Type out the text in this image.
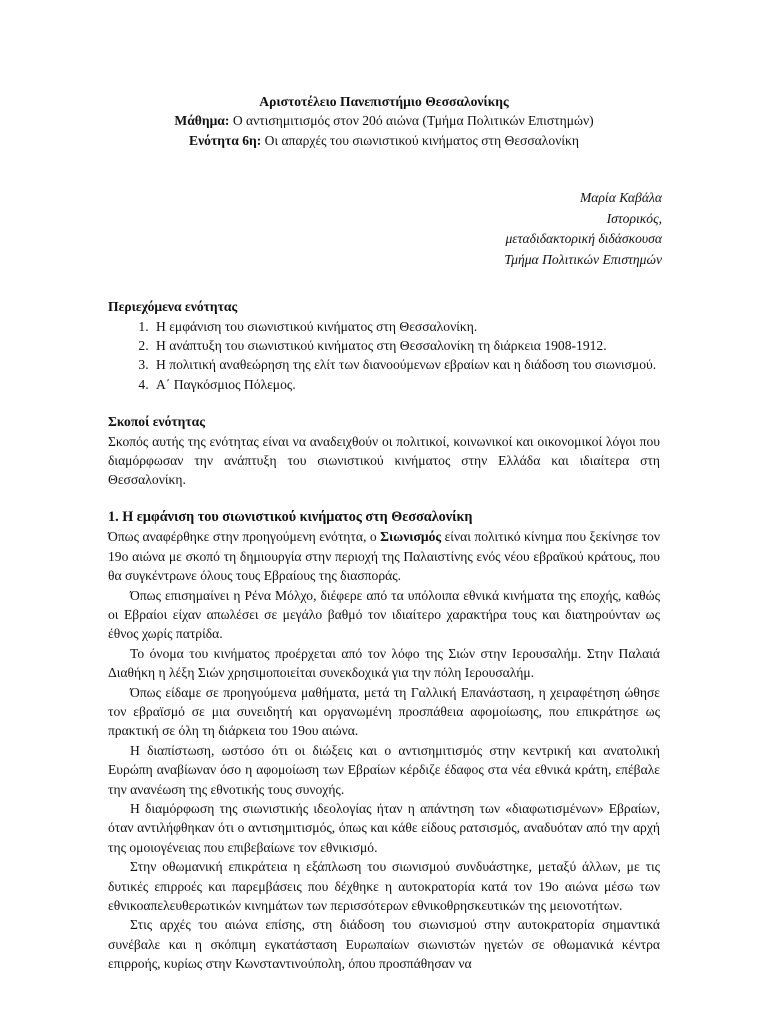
Αριστοτέλειο Πανεπιστήμιο Θεσσαλονίκης
Μάθημα: Ο αντισημιτισμός στον 20ό αιώνα (Τμήμα Πολιτικών Επιστημών)
Ενότητα 6η: Οι απαρχές του σιωνιστικού κινήματος στη Θεσσαλονίκη
Μαρία Καβάλα
Ιστορικός,
μεταδιδακτορική διδάσκουσα
Τμήμα Πολιτικών Επιστημών
Περιεχόμενα ενότητας
1. Η εμφάνιση του σιωνιστικού κινήματος στη Θεσσαλονίκη.
2. Η ανάπτυξη του σιωνιστικού κινήματος στη Θεσσαλονίκη τη διάρκεια 1908-1912.
3. Η πολιτική αναθεώρηση της ελίτ των διανοούμενων εβραίων και η διάδοση του σιωνισμού.
4. Α΄ Παγκόσμιος Πόλεμος.
Σκοποί ενότητας

Σκοπός αυτής της ενότητας είναι να αναδειχθούν οι πολιτικοί, κοινωνικοί και οικονομικοί λόγοι που διαμόρφωσαν την ανάπτυξη του σιωνιστικού κινήματος στην Ελλάδα και ιδιαίτερα στη Θεσσαλονίκη.

1. Η εμφάνιση του σιωνιστικού κινήματος στη Θεσσαλονίκη

Όπως αναφέρθηκε στην προηγούμενη ενότητα, ο Σιωνισμός είναι πολιτικό κίνημα που ξεκίνησε τον 19ο αιώνα με σκοπό τη δημιουργία στην περιοχή της Παλαιστίνης ενός νέου εβραϊκού κράτους, που θα συγκέντρωνε όλους τους Εβραίους της διασποράς.

Όπως επισημαίνει η Ρένα Μόλχο, διέφερε από τα υπόλοιπα εθνικά κινήματα της εποχής, καθώς οι Εβραίοι είχαν απωλέσει σε μεγάλο βαθμό τον ιδιαίτερο χαρακτήρα τους και διατηρούνταν ως έθνος χωρίς πατρίδα.

Το όνομα του κινήματος προέρχεται από τον λόφο της Σιών στην Ιερουσαλήμ. Στην Παλαιά Διαθήκη η λέξη Σιών χρησιμοποιείται συνεκδοχικά για την πόλη Ιερουσαλήμ.

Όπως είδαμε σε προηγούμενα μαθήματα, μετά τη Γαλλική Επανάσταση, η χειραφέτηση ώθησε τον εβραϊσμό σε μια συνειδητή και οργανωμένη προσπάθεια αφομοίωσης, που επικράτησε ως πρακτική σε όλη τη διάρκεια του 19ου αιώνα.

Η διαπίστωση, ωστόσο ότι οι διώξεις και ο αντισημιτισμός στην κεντρική και ανατολική Ευρώπη αναβίωναν όσο η αφομοίωση των Εβραίων κέρδιζε έδαφος στα νέα εθνικά κράτη, επέβαλε την ανανέωση της εθνοτικής τους συνοχής.

Η διαμόρφωση της σιωνιστικής ιδεολογίας ήταν η απάντηση των «διαφωτισμένων» Εβραίων, όταν αντιλήφθηκαν ότι ο αντισημιτισμός, όπως και κάθε είδους ρατσισμός, αναδυόταν από την αρχή της ομοιογένειας που επιβεβαίωνε τον εθνικισμό.

Στην οθωμανική επικράτεια η εξάπλωση του σιωνισμού συνδυάστηκε, μεταξύ άλλων, με τις δυτικές επιρροές και παρεμβάσεις που δέχθηκε η αυτοκρατορία κατά τον 19ο αιώνα μέσω των εθνικοαπελευθερωτικών κινημάτων των περισσότερων εθνικοθρησκευτικών της μειονοτήτων.

Στις αρχές του αιώνα επίσης, στη διάδοση του σιωνισμού στην αυτοκρατορία σημαντικά συνέβαλε και η σκόπιμη εγκατάσταση Ευρωπαίων σιωνιστών ηγετών σε οθωμανικά κέντρα επιρροής, κυρίως στην Κωνσταντινούπολη, όπου προσπάθησαν να
